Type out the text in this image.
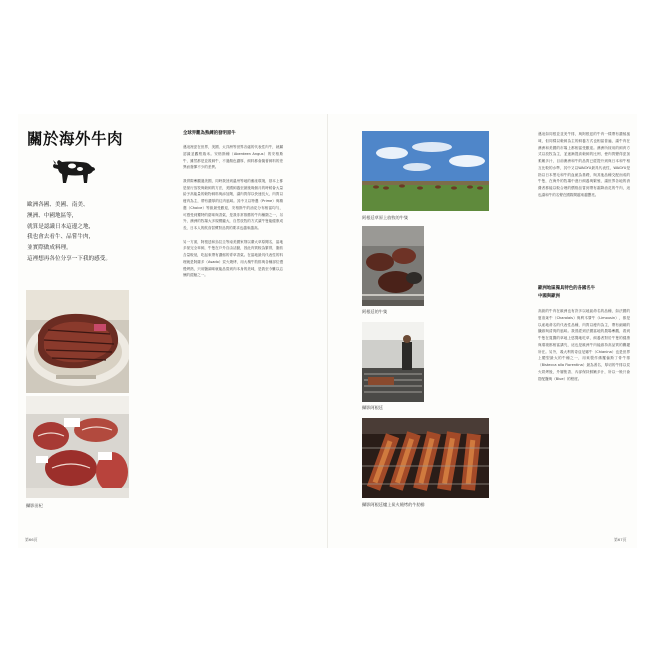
關於海外牛肉

歐洲各國、美國、南美、

澳洲、中國地區等，

就算是認識日本這邊之地，

我也會去看牛、品嘗牛肉，

並實際做成料理。

這裡想再各位分享一下我的感受。

攝影田杞
全球界觀為熟練的發明原牛

邁這裡更在世界，美國、太洋洲等世界各處的代表性肉牛，就屬認識並觀察瑞米。安格斯種（Aberdeen Angus）的安格斯牛，雖然都是並視飼牛，不過顏色濃厚，飼料都會隨著飼料的差異而發揮不少的差異。

我實際參觀過美國，同時我回到溫州等地的畜產環境，基本上都是採行放牧與穀飼的方法，美國飼養至最後幾個月的時候會大量給予高能量的穀物飼料與添加劑，讓肉質得以快速長大，肉質以瘦肉為主，帶有濃厚的紅肉風味。其中又以特選（Prime）與精選（Choice）等級最受歡迎，安格斯牛的油花分布相當均勻，可感受到獨特的甜味與香氣，是我非常推薦的牛肉種類之一，另外，澳洲的牧場大多規模龐大，自然放牧的方式讓牛隻能健康成長，日本人的飲食習慣對品質的要求也越來越高。

另一方面，阿根廷和烏拉圭等南美國家則以廣大草原聞名，當地多採完全草飼，牛隻在戶外自由活動，因此肉質較為緊實，脂肪含量較低，吃起來帶有濃郁的青草香氣。在當地最具代表性的料理就是阿薩多（Asado）炭火燒烤，用大塊牛肋排與各種部位慢慢烤熟，只用鹽調味就能品嘗到肉本身的美味，是我至今難以忘懷的經驗之一。

第66頁
阿根廷草原上放牧的牛隻
阿根廷的牛隻
攝影阿根廷
攝影阿根廷爐上炭火燒烤的牛肋排

邁這如同根並並美牛排，與阿根廷的牛肉一樣帶有濃郁風味，但同樣以穀飼為主的飼養方式也相當普遍，讓牛肉在澳洲和美國的市場上都相當受歡迎。澳洲所採用的飼育方式以放牧為主，並逐漸提高穀飼的比例，使肉質變得更加柔嫩多汁，目前澳洲和牛的品質已經提升到與日本和牛相互比較的水準，其中又以WAGYU最具代表性，WAGYU是指以日本黑毛和牛的血統為基礎，與其他品種交配而成的牛隻，在海外的牧場中進行飼養與繁殖，讓世界各地的消費者都能以較合理的價格品嘗到帶有霜降油花的牛肉，這也讓和牛的名聲在國際間越來越響亮。

歐洲地區獨具特色的各國名牛
中國與歐洲

高級的牛肉在歐洲也有許多以地區命名的品種，如法國的夏洛萊牛（Charolais）與利木贊牛（Limousin），都是以產地命名的代表性品種，肉質以瘦肉為主，帶有細緻的纖維與清爽的風味。我曾經到法國當地的農場參觀，看到牛隻在寬闊的草地上悠閒地吃草，飼養者對於牛隻的健康與環境都相當講究，這也是歐洲牛肉能維持高品質的關鍵所在。另外，義大利的奇亞尼娜牛（Chianina）也是世界上體型最大的牛種之一，用來製作佛羅倫斯丁骨牛排（Bistecca alla Fiorentina）最為著名，厚切的牛排以炭火烘烤後，外層焦香、內部保持鮮嫩多汁，所以一般只會搭配鹽與（Blue）的程度。

第67頁
